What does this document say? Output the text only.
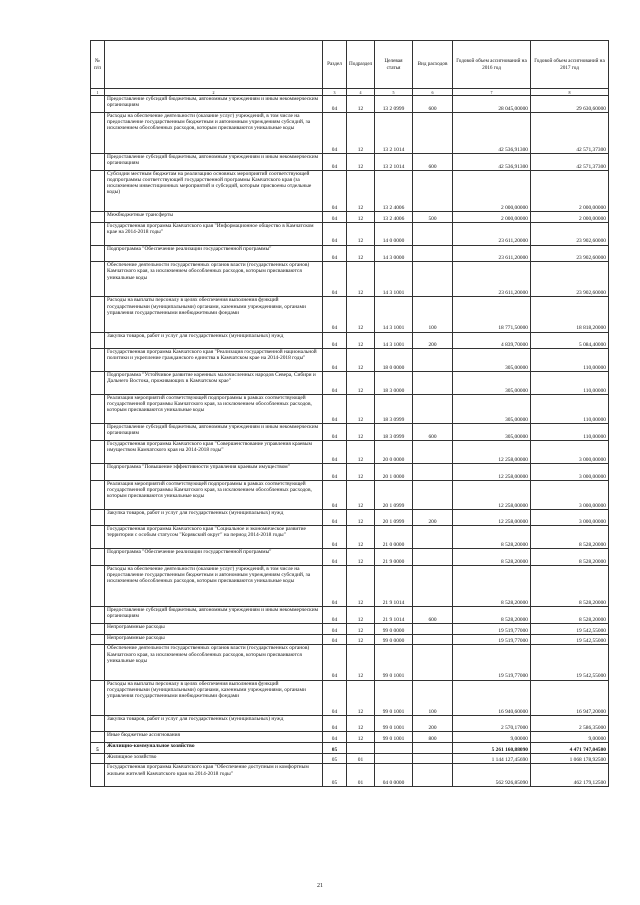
№ п/п		Раздел	Подраздел	Целевая статья	Вид расходов	Годовой объем ассигнований на 2016 год	Годовой объем ассигнований на 2017 год
1	2	3	4	5	6	7	8
	Предоставление субсидий бюджетным, автономным учреждениям и иным некоммерческим организациям	04	12	13 2 0999	600	28 045,00000	29 630,60000
	Расходы на обеспечение деятельности (оказание услуг) учреждений, в том числе на предоставление государственным бюджетным и автономным учреждениям субсидий, за исключением обособленных расходов, которым присваиваются уникальные коды	04	12	13 2 1014		42 536,91300	42 571,37300
	Предоставление субсидий бюджетным, автономным учреждениям и иным некоммерческим организациям	04	12	13 2 1014	600	42 536,91300	42 571,37300
	Субсидии местным бюджетам на реализацию основных мероприятий соответствующей подпрограммы соответствующей государственной программы Камчатского края (за исключением инвестиционных мероприятий и субсидий, которым присвоены отдельные коды)	04	12	13 2 4006		2 000,00000	2 000,00000
	Межбюджетные трансферты	04	12	13 2 4006	500	2 000,00000	2 000,00000
	Государственная программа Камчатского края "Информационное общество в Камчатском крае на 2014-2018 годы"	04	12	14 0 0000		23 611,20000	23 902,60000
	Подпрограмма "Обеспечение реализации государственной программы"	04	12	14 3 0000		23 611,20000	23 902,60000
	Обеспечение деятельности государственных органов власти (государственных органов) Камчатского края, за исключением обособленных расходов, которым присваиваются уникальные коды	04	12	14 3 1001		23 611,20000	23 902,60000
	Расходы на выплаты персоналу в целях обеспечения выполнения функций государственными (муниципальными) органами, казенными учреждениями, органами управления государственными внебюджетными фондами	04	12	14 3 1001	100	18 771,50000	18 818,20000
	Закупка товаров, работ и услуг для государственных (муниципальных) нужд	04	12	14 3 1001	200	4 839,70000	5 084,40000
	Государственная программа Камчатского края "Реализация государственной национальной политики и укрепление гражданского единства в Камчатском крае на 2014-2018 годы"	04	12	18 0 0000		305,00000	110,00000
	Подпрограмма "Устойчивое развитие коренных малочисленных народов Севера, Сибири и Дальнего Востока, проживающих в Камчатском крае"	04	12	18 3 0000		305,00000	110,00000
	Реализация мероприятий соответствующей подпрограммы в рамках соответствующей государственной программы Камчатского края, за исключением обособленных расходов, которым присваиваются уникальные коды	04	12	18 3 0999		305,00000	110,00000
	Предоставление субсидий бюджетным, автономным учреждениям и иным некоммерческим организациям	04	12	18 3 0999	600	305,00000	110,00000
	Государственная программа Камчатского края "Совершенствование управления краевым имуществом Камчатского края на 2014-2018 годы"	04	12	20 0 0000		12 258,00000	3 000,00000
	Подпрограмма "Повышение эффективности управления краевым имуществом"	04	12	20 1 0000		12 258,00000	3 000,00000
	Реализация мероприятий соответствующей подпрограммы в рамках соответствующей государственной программы Камчатского края, за исключением обособленных расходов, которым присваиваются уникальные коды	04	12	20 1 0999		12 258,00000	3 000,00000
	Закупка товаров, работ и услуг для государственных (муниципальных) нужд	04	12	20 1 0999	200	12 258,00000	3 000,00000
	Государственная программа Камчатского края "Социальное и экономическое развитие территории с особым статусом "Корякский округ" на период 2014-2018 годы"	04	12	21 0 0000		8 528,20000	8 528,20000
	Подпрограмма "Обеспечение реализации государственной программы"	04	12	21 9 0000		8 528,20000	8 528,20000
	Расходы на обеспечение деятельности (оказание услуг) учреждений, в том числе на предоставление государственным бюджетным и автономным учреждениям субсидий, за исключением обособленных расходов, которым присваиваются уникальные коды	04	12	21 9 1014		8 528,20000	8 528,20000
	Предоставление субсидий бюджетным, автономным учреждениям и иным некоммерческим организациям	04	12	21 9 1014	600	8 528,20000	8 528,20000
	Непрограммные расходы	04	12	99 0 0000		19 519,77000	19 542,55000
	Непрограммные расходы	04	12	99 0 0000		19 519,77000	19 542,55000
	Обеспечение деятельности государственных органов власти (государственных органов) Камчатского края, за исключением обособленных расходов, которым присваиваются уникальные коды	04	12	99 0 1001		19 519,77000	19 542,55000
	Расходы на выплаты персоналу в целях обеспечения выполнения функций государственными (муниципальными) органами, казенными учреждениями, органами управления государственными внебюджетными фондами	04	12	99 0 1001	100	16 940,60000	16 947,20000
	Закупка товаров, работ и услуг для государственных (муниципальных) нужд	04	12	99 0 1001	200	2 570,17000	2 586,35000
	Иные бюджетные ассигнования	04	12	99 0 1001	800	9,00000	9,00000
5	Жилищно-коммунальное хозяйство	05				5 261 160,88090	4 471 747,04500
	Жилищное хозяйство	05	01			1 144 127,45690	1 068 178,92500
	Государственная программа Камчатского края "Обеспечение доступным и комфортным жильем жителей Камчатского края на 2014-2018 годы"	05	01	04 0 0000		562 926,85090	462 179,12500
21
